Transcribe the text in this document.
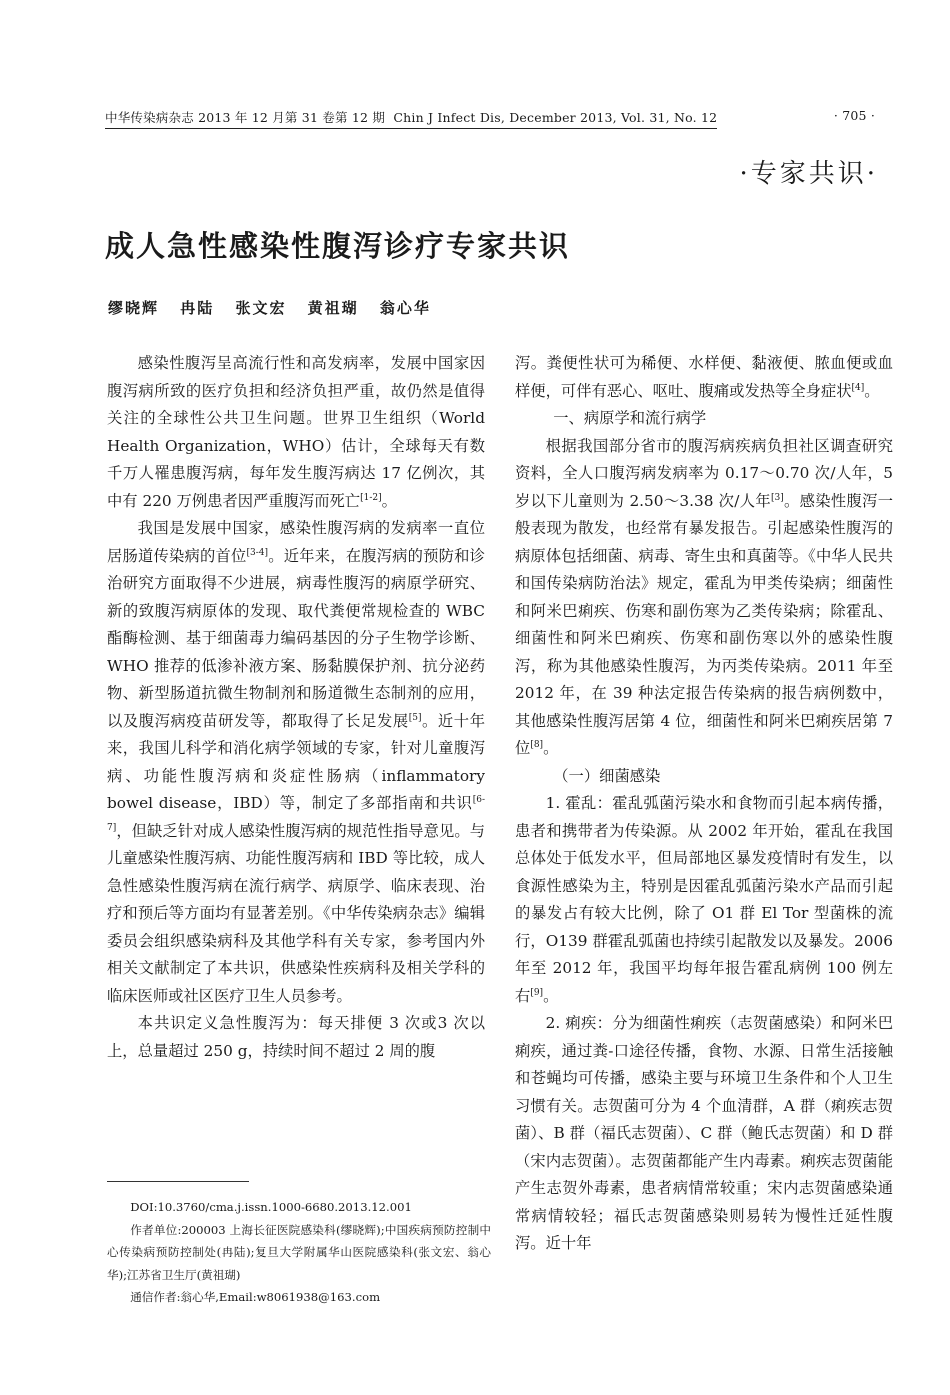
中华传染病杂志 2013 年 12 月第 31 卷第 12 期 Chin J Infect Dis, December 2013, Vol. 31, No. 12	· 705 ·
·专家共识·
成人急性感染性腹泻诊疗专家共识
缪晓辉 冉陆 张文宏 黄祖瑚 翁心华

感染性腹泻呈高流行性和高发病率，发展中国家因腹泻病所致的医疗负担和经济负担严重，故仍然是值得关注的全球性公共卫生问题。世界卫生组织（World Health Organization，WHO）估计，全球每天有数千万人罹患腹泻病，每年发生腹泻病达 17 亿例次，其中有 220 万例患者因严重腹泻而死亡[1-2]。

我国是发展中国家，感染性腹泻病的发病率一直位居肠道传染病的首位[3-4]。近年来，在腹泻病的预防和诊治研究方面取得不少进展，病毒性腹泻的病原学研究、新的致腹泻病原体的发现、取代粪便常规检查的 WBC 酯酶检测、基于细菌毒力编码基因的分子生物学诊断、WHO 推荐的低渗补液方案、肠黏膜保护剂、抗分泌药物、新型肠道抗微生物制剂和肠道微生态制剂的应用，以及腹泻病疫苗研发等，都取得了长足发展[5]。近十年来，我国儿科学和消化病学领域的专家，针对儿童腹泻病、功能性腹泻病和炎症性肠病（inflammatory bowel disease，IBD）等，制定了多部指南和共识[6-7]，但缺乏针对成人感染性腹泻病的规范性指导意见。与儿童感染性腹泻病、功能性腹泻病和 IBD 等比较，成人急性感染性腹泻病在流行病学、病原学、临床表现、治疗和预后等方面均有显著差别。《中华传染病杂志》编辑委员会组织感染病科及其他学科有关专家，参考国内外相关文献制定了本共识，供感染性疾病科及相关学科的临床医师或社区医疗卫生人员参考。

本共识定义急性腹泻为：每天排便 3 次或3 次以上，总量超过 250 g，持续时间不超过 2 周的腹

泻。粪便性状可为稀便、水样便、黏液便、脓血便或血样便，可伴有恶心、呕吐、腹痛或发热等全身症状[4]。

一、病原学和流行病学

根据我国部分省市的腹泻病疾病负担社区调查研究资料，全人口腹泻病发病率为 0.17～0.70 次/人年，5 岁以下儿童则为 2.50～3.38 次/人年[3]。感染性腹泻一般表现为散发，也经常有暴发报告。引起感染性腹泻的病原体包括细菌、病毒、寄生虫和真菌等。《中华人民共和国传染病防治法》规定，霍乱为甲类传染病；细菌性和阿米巴痢疾、伤寒和副伤寒为乙类传染病；除霍乱、细菌性和阿米巴痢疾、伤寒和副伤寒以外的感染性腹泻，称为其他感染性腹泻，为丙类传染病。2011 年至 2012 年，在 39 种法定报告传染病的报告病例数中，其他感染性腹泻居第 4 位，细菌性和阿米巴痢疾居第 7 位[8]。

（一）细菌感染

1. 霍乱：霍乱弧菌污染水和食物而引起本病传播，患者和携带者为传染源。从 2002 年开始，霍乱在我国总体处于低发水平，但局部地区暴发疫情时有发生，以食源性感染为主，特别是因霍乱弧菌污染水产品而引起的暴发占有较大比例，除了 O1 群 El Tor 型菌株的流行，O139 群霍乱弧菌也持续引起散发以及暴发。2006 年至 2012 年，我国平均每年报告霍乱病例 100 例左右[9]。

2. 痢疾：分为细菌性痢疾（志贺菌感染）和阿米巴痢疾，通过粪-口途径传播，食物、水源、日常生活接触和苍蝇均可传播，感染主要与环境卫生条件和个人卫生习惯有关。志贺菌可分为 4 个血清群，A 群（痢疾志贺菌）、B 群（福氏志贺菌）、C 群（鲍氏志贺菌）和 D 群（宋内志贺菌）。志贺菌都能产生内毒素。痢疾志贺菌能产生志贺外毒素，患者病情常较重；宋内志贺菌感染通常病情较轻；福氏志贺菌感染则易转为慢性迁延性腹泻。近十年

DOI:10.3760/cma.j.issn.1000-6680.2013.12.001

作者单位:200003 上海长征医院感染科(缪晓辉);中国疾病预防控制中心传染病预防控制处(冉陆);复旦大学附属华山医院感染科(张文宏、翁心华);江苏省卫生厅(黄祖瑚)

通信作者:翁心华,Email:w8061938@163.com
